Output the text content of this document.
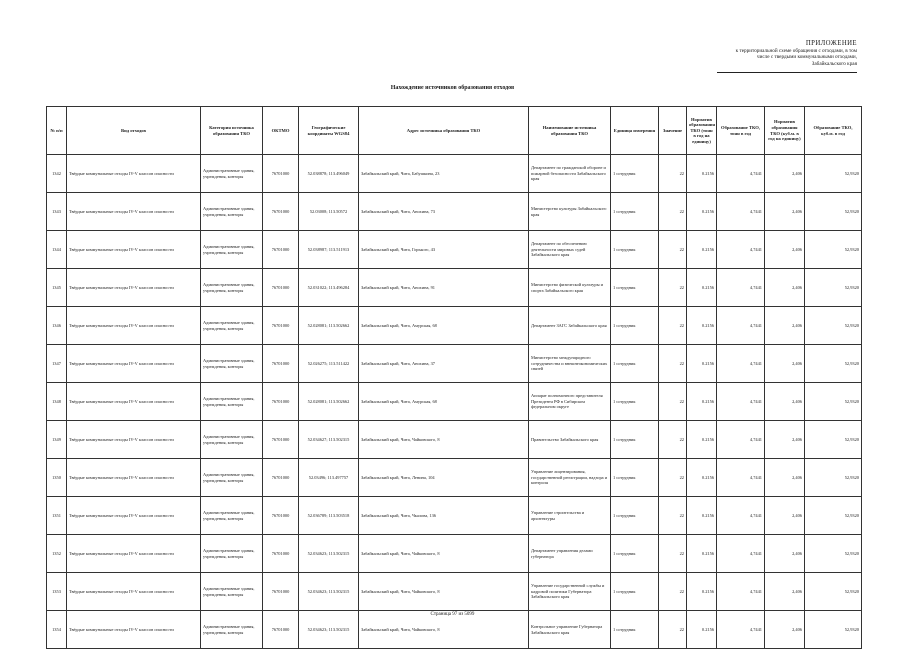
ПРИЛОЖЕНИЕ
к территориальной схеме обращения с отходами, в том
числе с твердыми коммунальными отходами,
Забайкальского края
Нахождение источников образования отходов
№ п/п	Вид отходов	Категория источника образования ТКО	ОКТМО	Географические координаты WGS84	Адрес источника образования ТКО	Наименование источника образования ТКО	Единица измерения	Значение	Норматив образования ТКО (тонн в год на единицу)	Образование ТКО, тонн в год	Норматив образования ТКО (куб.м. в год на единицу)	Образование ТКО, куб.м. в год
1342	Твёрдые коммунальные отходы IV-V классов опасности	Административные здания, учреждения, конторы	76701000	52.038878; 113.496049	Забайкальский край, Чита, Бабушкина, 23	Департамент по гражданской обороне и пожарной безопасности Забайкальского края	1 сотрудник	22	0.2156	4,7441	2,406	52,9320
1343	Твёрдые коммунальные отходы IV-V классов опасности	Административные здания, учреждения, конторы	76701000	52.03008; 113.50572	Забайкальский край, Чита, Анохина, 73	Министерство культуры Забайкальского края	1 сотрудник	22	0.2156	4,7441	2,406	52,9320
1344	Твёрдые коммунальные отходы IV-V классов опасности	Административные здания, учреждения, конторы	76701000	52.038987; 113.511913	Забайкальский край, Чита, Горького, 43	Департамент по обеспечению деятельности мировых судей Забайкальского края	1 сотрудник	22	0.2156	4,7441	2,406	52,9320
1345	Твёрдые коммунальные отходы IV-V классов опасности	Административные здания, учреждения, конторы	76701000	52.031022; 113.496284	Забайкальский край, Чита, Анохина, 91	Министерство физической культуры и спорта Забайкальского края	1 сотрудник	22	0.2156	4,7441	2,406	52,9320
1346	Твёрдые коммунальные отходы IV-V классов опасности	Административные здания, учреждения, конторы	76701000	52.028081; 113.502662	Забайкальский край, Чита, Амурская, 68	Департамент ЗАГС Забайкальского края	1 сотрудник	22	0.2156	4,7441	2,406	52,9320
1347	Твёрдые коммунальные отходы IV-V классов опасности	Административные здания, учреждения, конторы	76701000	52.026275; 113.511422	Забайкальский край, Чита, Анохина, 37	Министерство международного сотрудничества и внешнеэкономических связей	1 сотрудник	22	0.2156	4,7441	2,406	52,9320
1348	Твёрдые коммунальные отходы IV-V классов опасности	Административные здания, учреждения, конторы	76701000	52.028081; 113.502662	Забайкальский край, Чита, Амурская, 68	Аппарат полномочного представителя Президента РФ в Сибирском федеральном округе	1 сотрудник	22	0.2156	4,7441	2,406	52,9320
1349	Твёрдые коммунальные отходы IV-V классов опасности	Административные здания, учреждения, конторы	76701000	52.034627; 113.502315	Забайкальский край, Чита, Чайковского, 8	Правительство Забайкальского края	1 сотрудник	22	0.2156	4,7441	2,406	52,9320
1350	Твёрдые коммунальные отходы IV-V классов опасности	Административные здания, учреждения, конторы	76701000	52.03496; 113.497757	Забайкальский край, Чита, Ленина, 104	Управление лицензирования, государственной регистрации, надзора и контроля	1 сотрудник	22	0.2156	4,7441	2,406	52,9320
1351	Твёрдые коммунальные отходы IV-V классов опасности	Административные здания, учреждения, конторы	76701000	52.036789; 113.503518	Забайкальский край, Чита, Чкалова, 136	Управление строительства и архитектуры	1 сотрудник	22	0.2156	4,7441	2,406	52,9320
1352	Твёрдые коммунальные отходы IV-V классов опасности	Административные здания, учреждения, конторы	76701000	52.034623; 113.502315	Забайкальский край, Чита, Чайковского, 8	Департамент управления делами губернатора	1 сотрудник	22	0.2156	4,7441	2,406	52,9320
1353	Твёрдые коммунальные отходы IV-V классов опасности	Административные здания, учреждения, конторы	76701000	52.034623; 113.502315	Забайкальский край, Чита, Чайковского, 8	Управление государственной службы и кадровой политики Губернатора Забайкальского края	1 сотрудник	22	0.2156	4,7441	2,406	52,9320
1354	Твёрдые коммунальные отходы IV-V классов опасности	Административные здания, учреждения, конторы	76701000	52.034623; 113.502315	Забайкальский край, Чита, Чайковского, 8	Контрольное управление Губернатора Забайкальского края	1 сотрудник	22	0.2156	4,7441	2,406	52,9320
Страница 97 из 5099
